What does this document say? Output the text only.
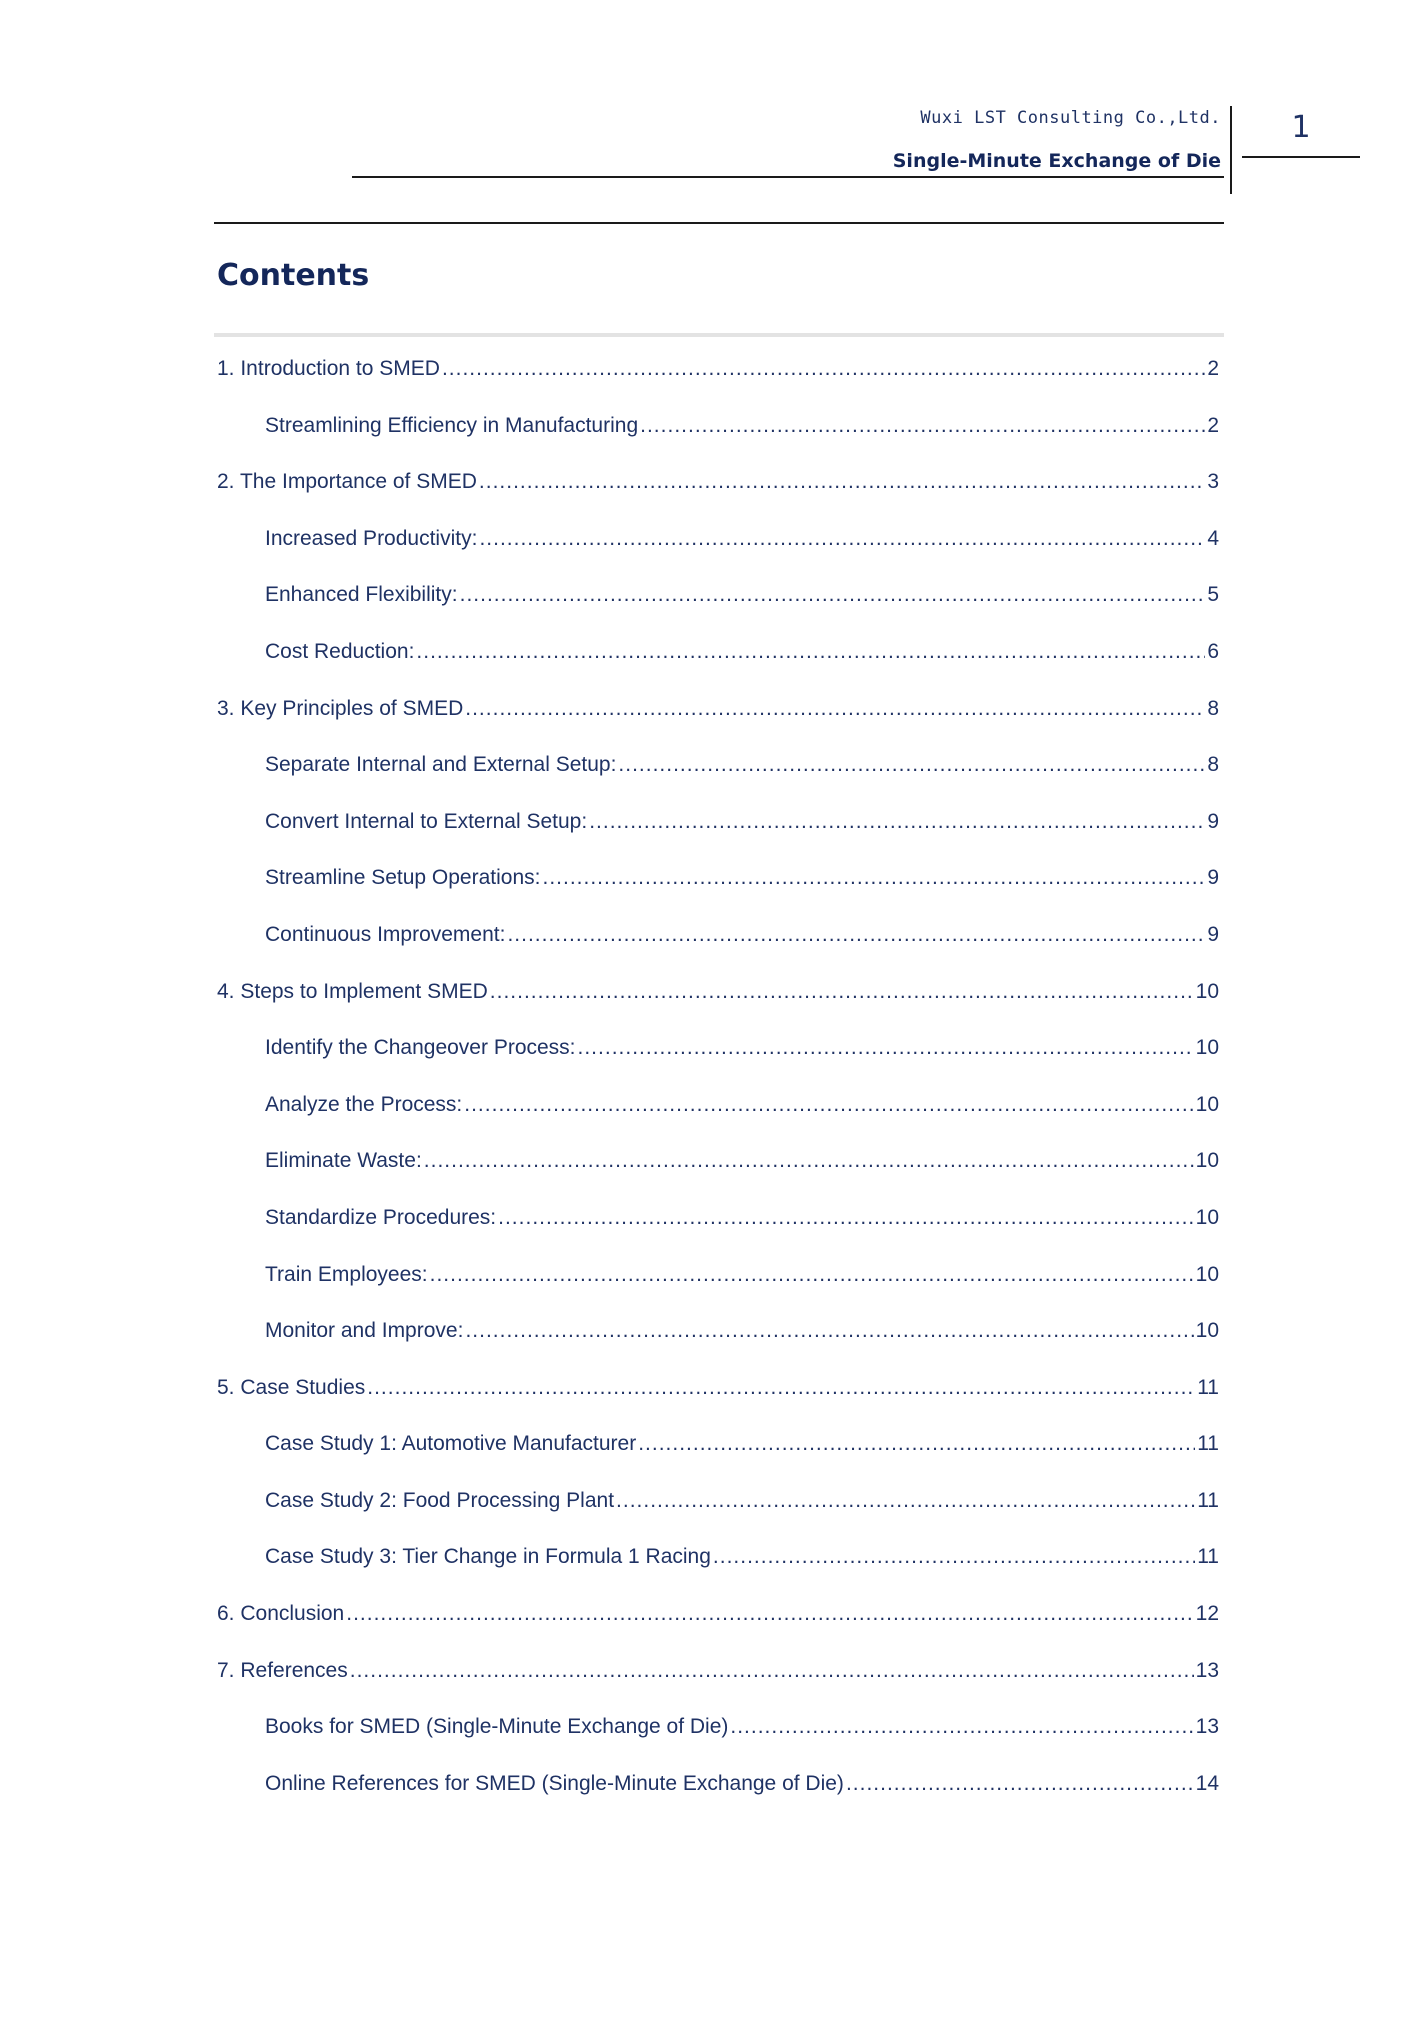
Wuxi LST Consulting Co.,Ltd.
Single-Minute Exchange of Die
1
Contents
1. Introduction to SMED .....	2
Streamlining Efficiency in Manufacturing .....	2
2. The Importance of SMED .....	3
Increased Productivity: .....	4
Enhanced Flexibility: .....	5
Cost Reduction: .....	6
3. Key Principles of SMED .....	8
Separate Internal and External Setup: .....	8
Convert Internal to External Setup: .....	9
Streamline Setup Operations: .....	9
Continuous Improvement: .....	9
4. Steps to Implement SMED .....	10
Identify the Changeover Process: .....	10
Analyze the Process: .....	10
Eliminate Waste: .....	10
Standardize Procedures: .....	10
Train Employees: .....	10
Monitor and Improve: .....	10
5. Case Studies .....	11
Case Study 1: Automotive Manufacturer .....	11
Case Study 2: Food Processing Plant .....	11
Case Study 3: Tier Change in Formula 1 Racing .....	11
6. Conclusion .....	12
7. References .....	13
Books for SMED (Single-Minute Exchange of Die) .....	13
Online References for SMED (Single-Minute Exchange of Die) .....	14
